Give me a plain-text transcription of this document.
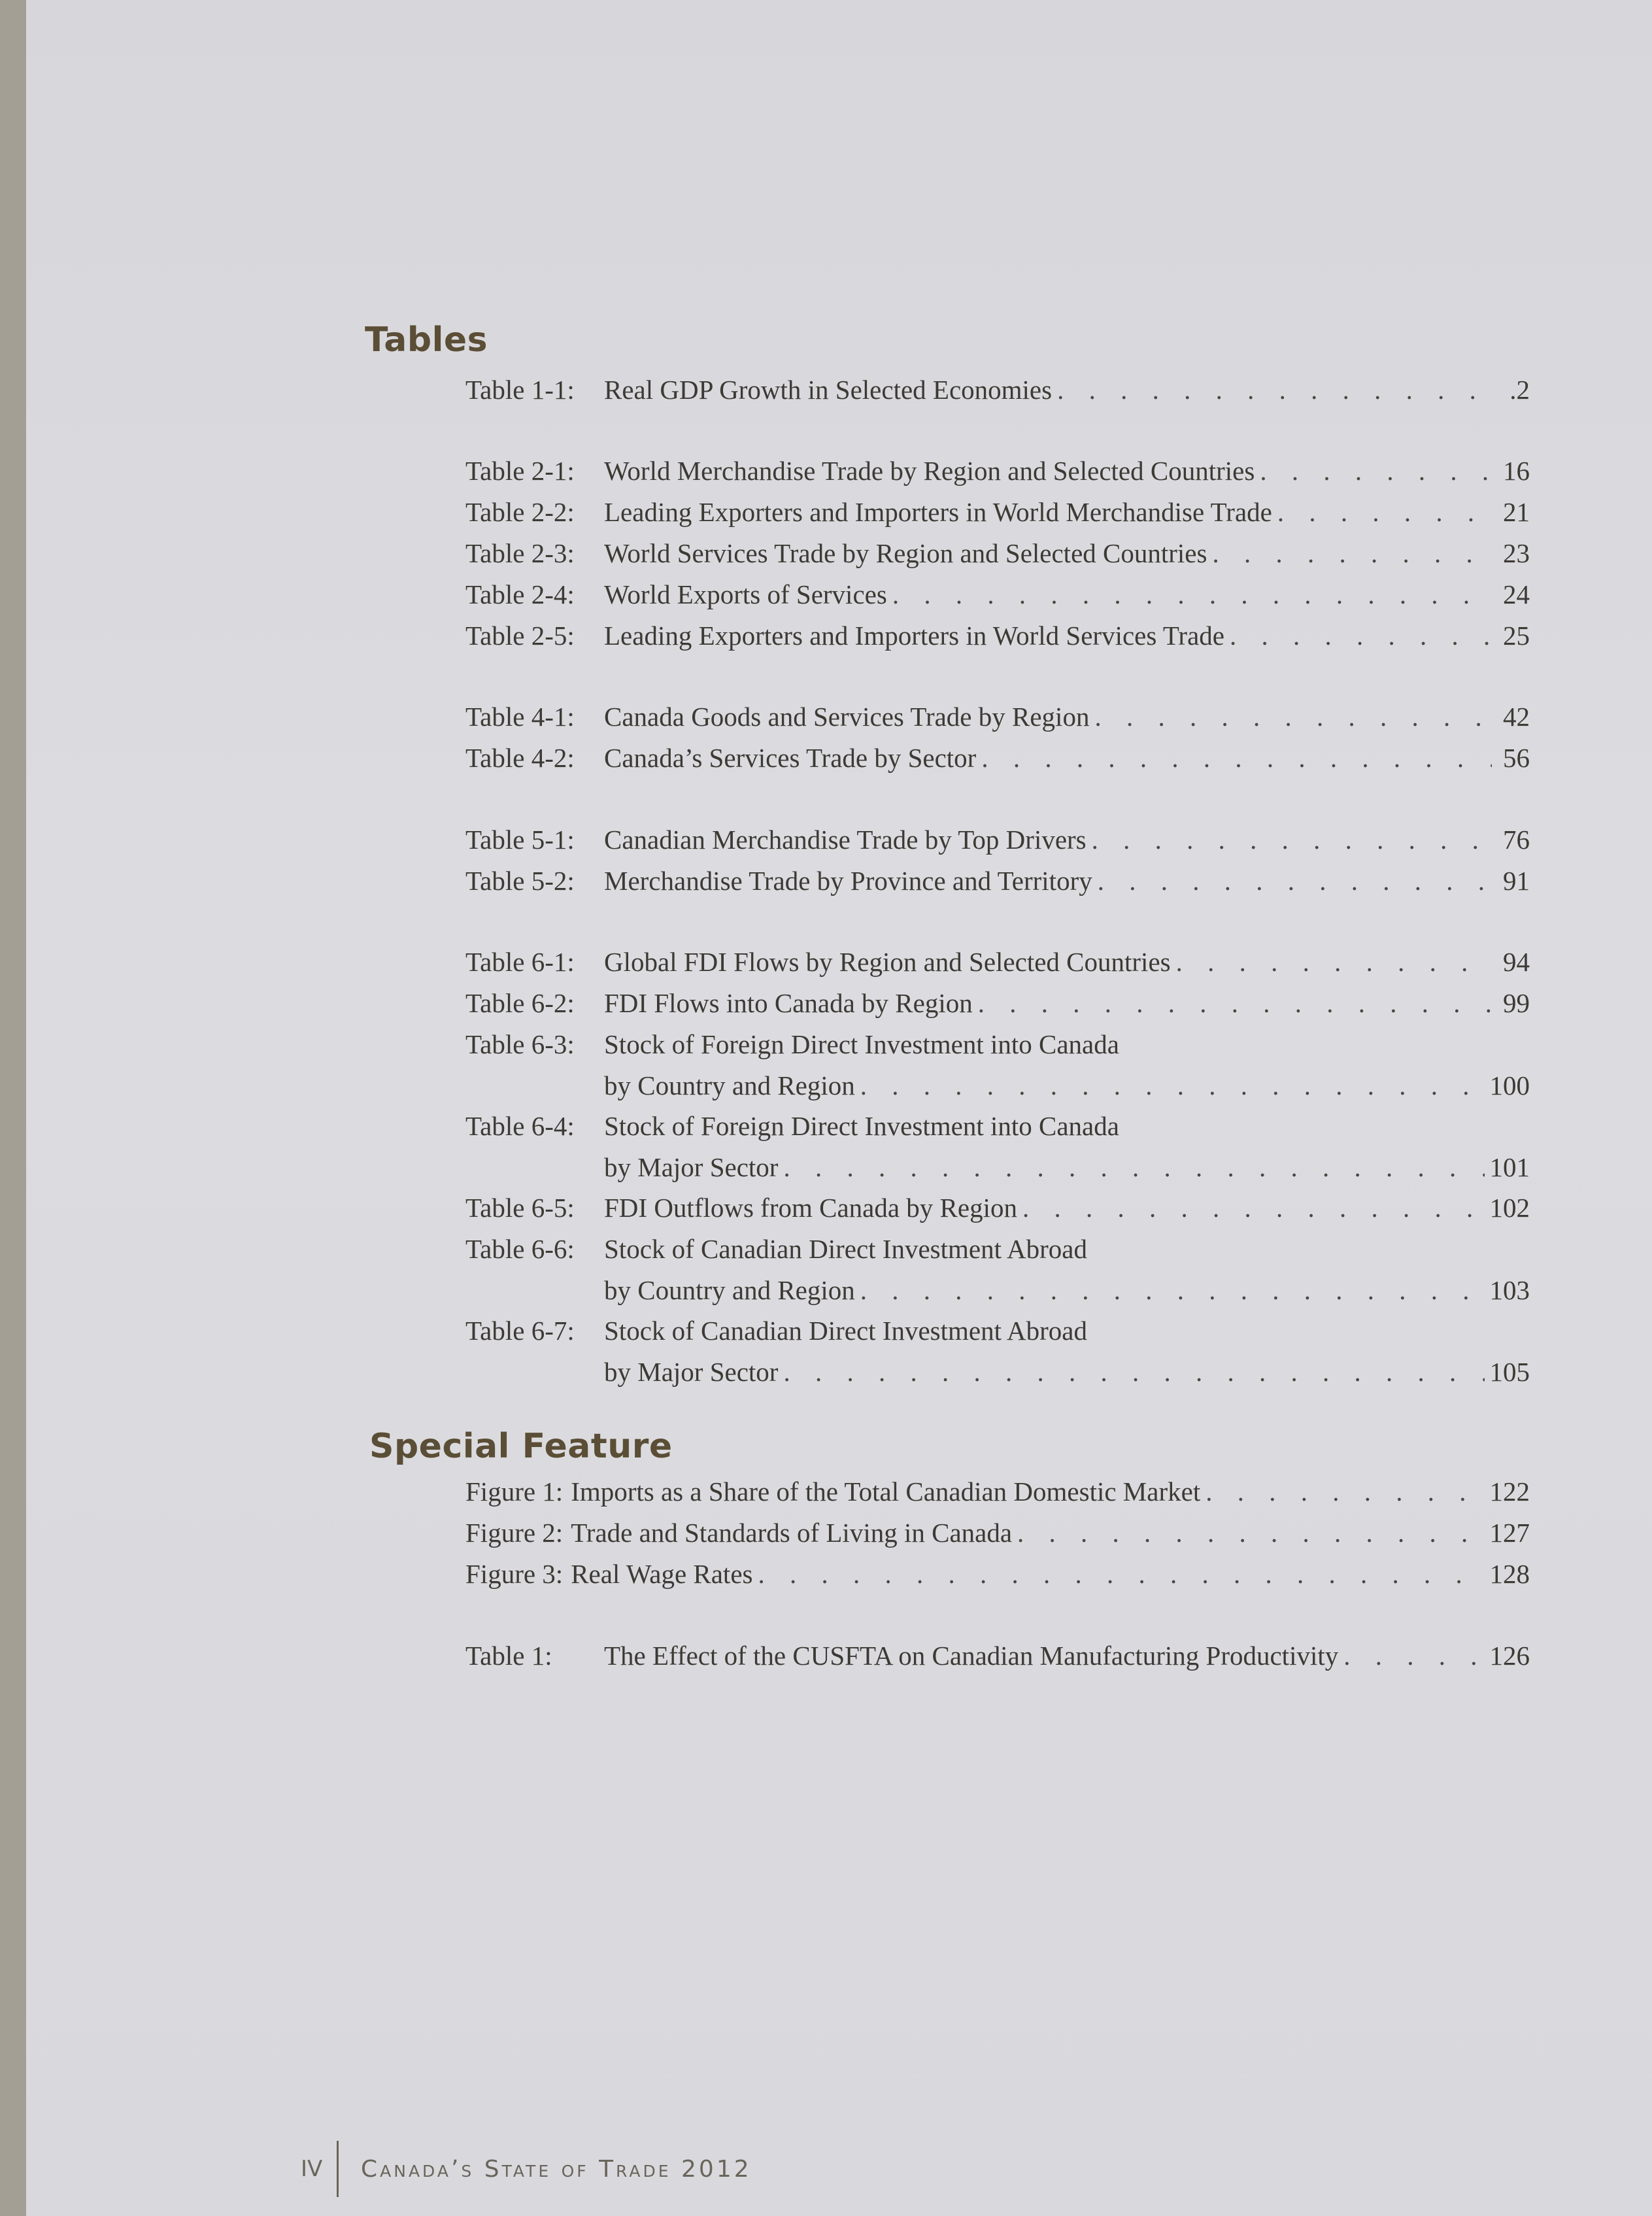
Tables
Table 1-1:	Real GDP Growth in Selected Economies . . .	.2
Table 2-1:	World Merchandise Trade by Region and Selected Countries . . .	16
Table 2-2:	Leading Exporters and Importers in World Merchandise Trade . . .	21
Table 2-3:	World Services Trade by Region and Selected Countries . . .	23
Table 2-4:	World Exports of Services . . .	24
Table 2-5:	Leading Exporters and Importers in World Services Trade . . .	25
Table 4-1:	Canada Goods and Services Trade by Region . . .	42
Table 4-2:	Canada’s Services Trade by Sector . . .	56
Table 5-1:	Canadian Merchandise Trade by Top Drivers . . .	76
Table 5-2:	Merchandise Trade by Province and Territory . . .	91
Table 6-1:	Global FDI Flows by Region and Selected Countries . . .	94
Table 6-2:	FDI Flows into Canada by Region . . .	99
Table 6-3:	Stock of Foreign Direct Investment into Canada
by Country and Region . . .	100
Table 6-4:	Stock of Foreign Direct Investment into Canada
by Major Sector . . .	101
Table 6-5:	FDI Outflows from Canada by Region . . .	102
Table 6-6:	Stock of Canadian Direct Investment Abroad
by Country and Region . . .	103
Table 6-7:	Stock of Canadian Direct Investment Abroad
by Major Sector . . .	105
Special Feature
Figure 1: Imports as a Share of the Total Canadian Domestic Market . . .	122
Figure 2: Trade and Standards of Living in Canada . . .	127
Figure 3: Real Wage Rates . . .	128
Table 1:	The Effect of the CUSFTA on Canadian Manufacturing Productivity . . .	126
IV	Canada’s State of Trade 2012
